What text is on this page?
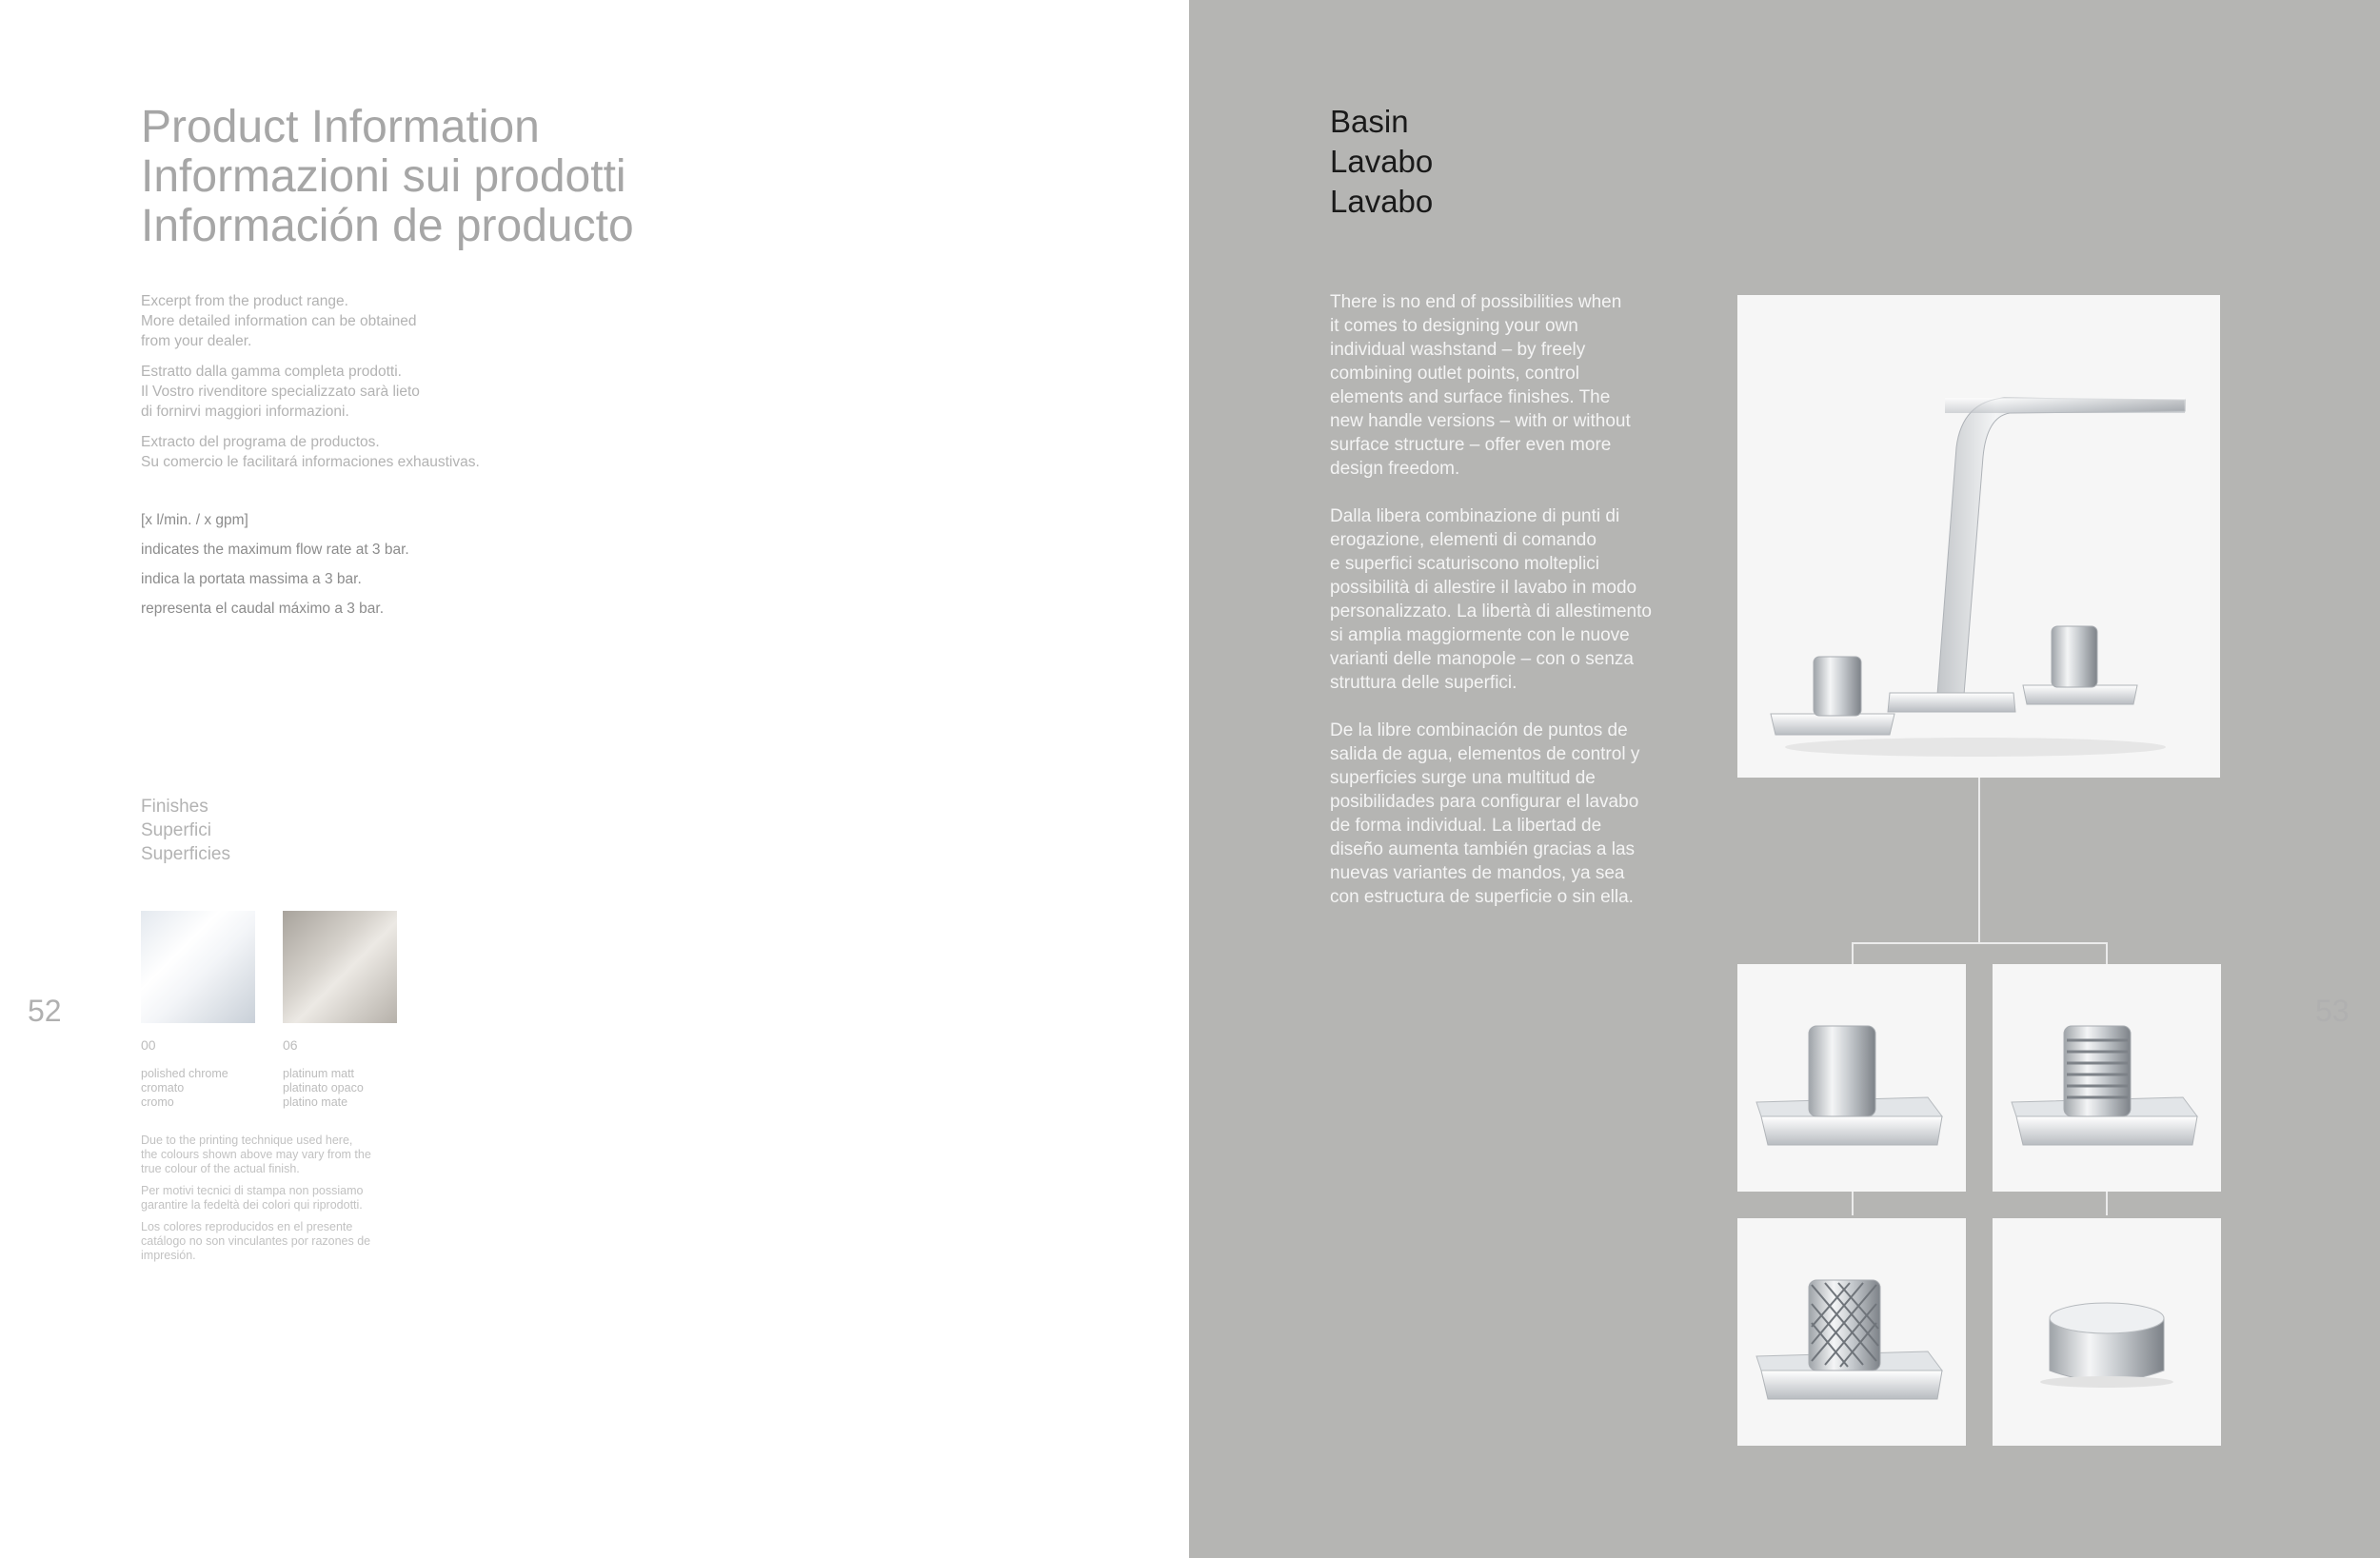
Product Information

Informazioni sui prodotti

Información de producto

Excerpt from the product range.

More detailed information can be obtained

from your dealer.

Estratto dalla gamma completa prodotti.

Il Vostro rivenditore specializzato sarà lieto

di fornirvi maggiori informazioni.

Extracto del programa de productos.

Su comercio le facilitará informaciones exhaustivas.

[x l/min. / x gpm]

indicates the maximum flow rate at 3 bar.

indica la portata massima a 3 bar.

representa el caudal máximo a 3 bar.

Finishes

Superfici

Superficies

00
polished chrome
cromato
cromo
06
platinum matt
platinato opaco
platino mate

Due to the printing technique used here,
the colours shown above may vary from the
true colour of the actual finish.

Per motivi tecnici di stampa non possiamo
garantire la fedeltà dei colori qui riprodotti.

Los colores reproducidos en el presente
catálogo no son vinculantes por razones de
impresión.

52

Basin

Lavabo

Lavabo

There is no end of possibilities when
it comes to designing your own
individual washstand – by freely
combining outlet points, control
elements and surface finishes. The
new handle versions – with or without
surface structure – offer even more
design freedom.

Dalla libera combinazione di punti di
erogazione, elementi di comando
e superfici scaturiscono molteplici
possibilità di allestire il lavabo in modo
personalizzato. La libertà di allestimento
si amplia maggiormente con le nuove
varianti delle manopole – con o senza
struttura delle superfici.

De la libre combinación de puntos de
salida de agua, elementos de control y
superficies surge una multitud de
posibilidades para configurar el lavabo
de forma individual. La libertad de
diseño aumenta también gracias a las
nuevas variantes de mandos, ya sea
con estructura de superficie o sin ella.

53
